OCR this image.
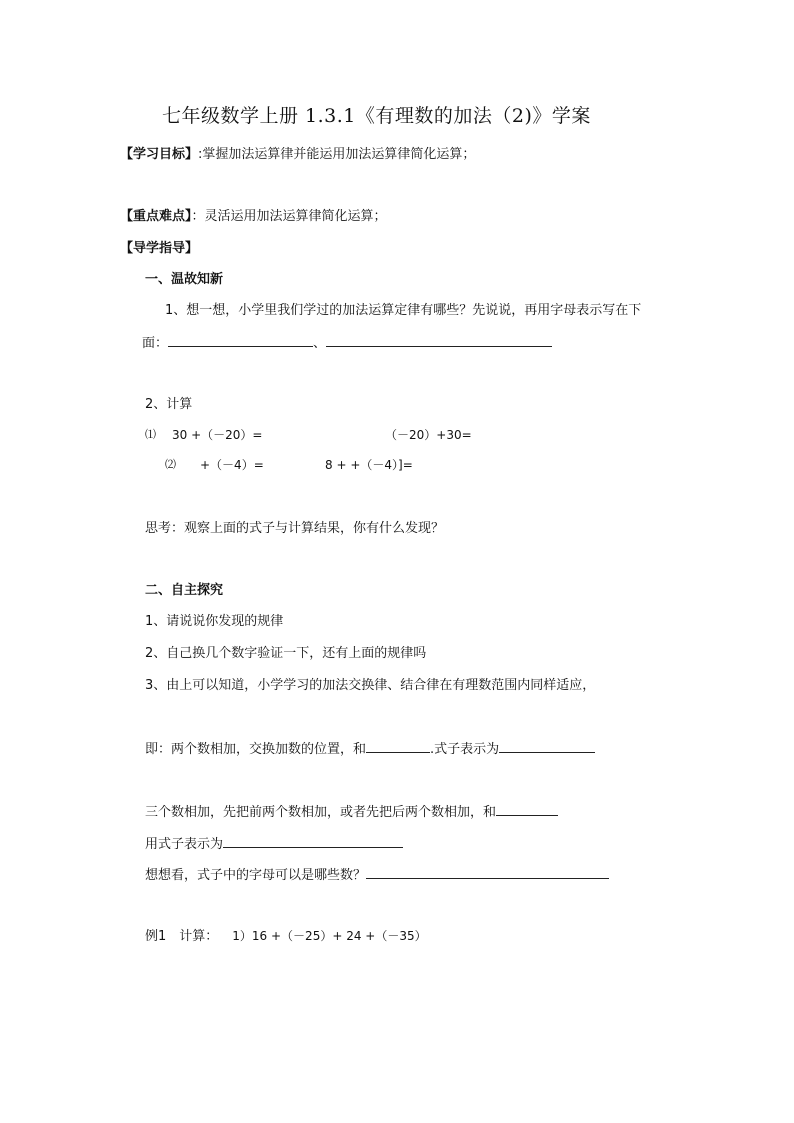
七年级数学上册 1.3.1《有理数的加法（2)》学案
【学习目标】:掌握加法运算律并能运用加法运算律简化运算；
【重点难点】：灵活运用加法运算律简化运算；
【导学指导】
一、温故知新
1、想一想，小学里我们学过的加法运算定律有哪些？先说说，再用字母表示写在下
面：	、
2、计算
⑴ 30 +（－20）=	（－20）+30=
⑵ +（－4）=	8 + +（－4）]=
思考：观察上面的式子与计算结果，你有什么发现？
二、自主探究
1、请说说你发现的规律
2、自己换几个数字验证一下，还有上面的规律吗
3、由上可以知道，小学学习的加法交换律、结合律在有理数范围内同样适应，
即：两个数相加，交换加数的位置，和	.式子表示为
三个数相加，先把前两个数相加，或者先把后两个数相加，和
用式子表示为
想想看，式子中的字母可以是哪些数？
例1　计算： 1）16 +（－25）+ 24 +（－35）
